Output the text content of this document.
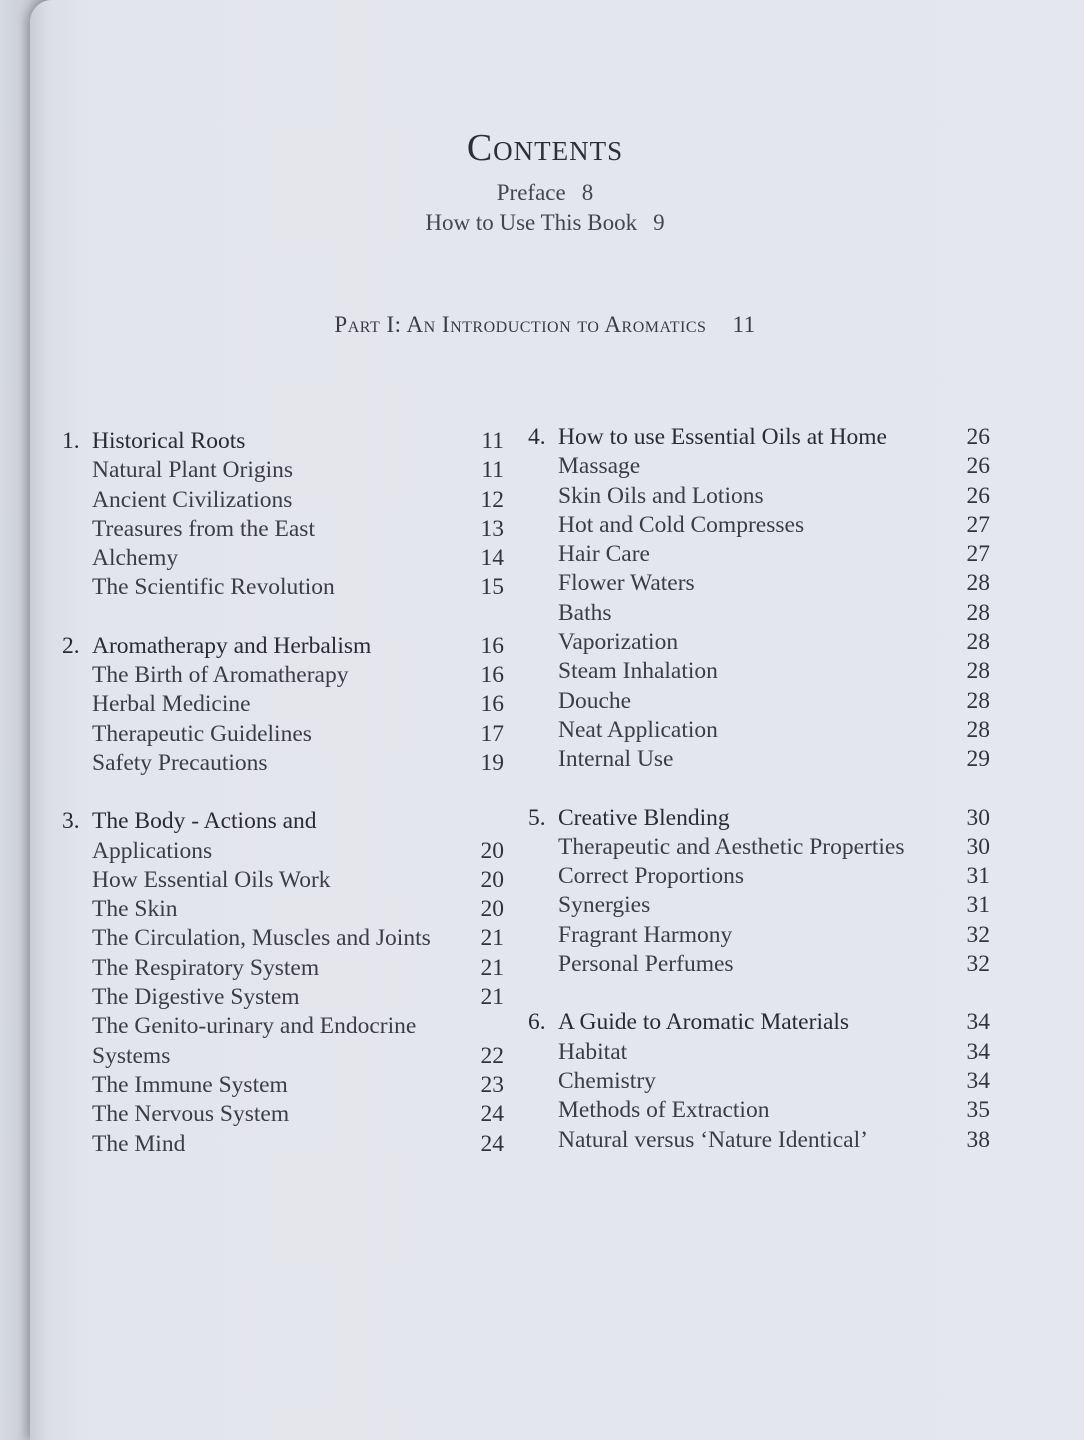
Contents
Preface 8
How to Use This Book 9
Part I: An Introduction to Aromatics 11
1. Historical Roots	11
Natural Plant Origins	11
Ancient Civilizations	12
Treasures from the East	13
Alchemy	14
The Scientific Revolution	15
2. Aromatherapy and Herbalism	16
The Birth of Aromatherapy	16
Herbal Medicine	16
Therapeutic Guidelines	17
Safety Precautions	19
3. The Body - Actions and
Applications	20
How Essential Oils Work	20
The Skin	20
The Circulation, Muscles and Joints 21
The Respiratory System	21
The Digestive System	21
The Genito-urinary and Endocrine
Systems	22
The Immune System	23
The Nervous System	24
The Mind	24
4. How to use Essential Oils at Home	26
Massage	26
Skin Oils and Lotions	26
Hot and Cold Compresses	27
Hair Care	27
Flower Waters	28
Baths	28
Vaporization	28
Steam Inhalation	28
Douche	28
Neat Application	28
Internal Use	29
5. Creative Blending	30
Therapeutic and Aesthetic Properties	30
Correct Proportions	31
Synergies	31
Fragrant Harmony	32
Personal Perfumes	32
6. A Guide to Aromatic Materials	34
Habitat	34
Chemistry	34
Methods of Extraction	35
Natural versus ‘Nature Identical’	38
